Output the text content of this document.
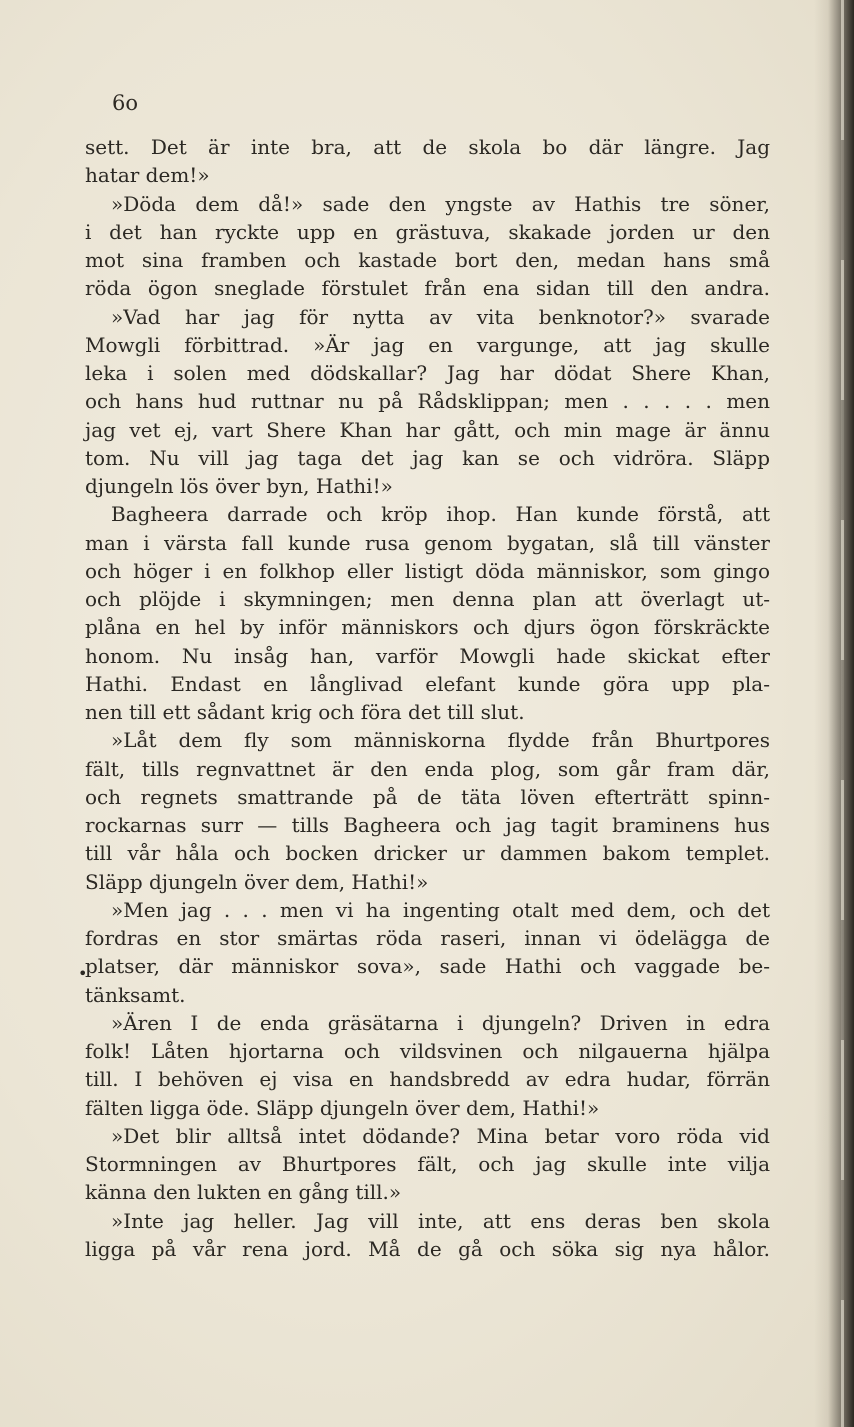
6o
•
sett. Det är inte bra, att de skola bo där längre. Jag
hatar dem!»
»Döda dem då!» sade den yngste av Hathis tre söner,
i det han ryckte upp en grästuva, skakade jorden ur den
mot sina framben och kastade bort den, medan hans små
röda ögon sneglade förstulet från ena sidan till den andra.
»Vad har jag för nytta av vita benknotor?» svarade
Mowgli förbittrad. »Är jag en vargunge, att jag skulle
leka i solen med dödskallar? Jag har dödat Shere Khan,
och hans hud ruttnar nu på Rådsklippan; men . . . . . men
jag vet ej, vart Shere Khan har gått, och min mage är ännu
tom. Nu vill jag taga det jag kan se och vidröra. Släpp
djungeln lös över byn, Hathi!»
Bagheera darrade och kröp ihop. Han kunde förstå, att
man i värsta fall kunde rusa genom bygatan, slå till vänster
och höger i en folkhop eller listigt döda människor, som gingo
och plöjde i skymningen; men denna plan att överlagt ut-
plåna en hel by inför människors och djurs ögon förskräckte
honom. Nu insåg han, varför Mowgli hade skickat efter
Hathi. Endast en långlivad elefant kunde göra upp pla-
nen till ett sådant krig och föra det till slut.
»Låt dem fly som människorna flydde från Bhurtpores
fält, tills regnvattnet är den enda plog, som går fram där,
och regnets smattrande på de täta löven efterträtt spinn-
rockarnas surr — tills Bagheera och jag tagit braminens hus
till vår håla och bocken dricker ur dammen bakom templet.
Släpp djungeln över dem, Hathi!»
»Men jag . . . men vi ha ingenting otalt med dem, och det
fordras en stor smärtas röda raseri, innan vi ödelägga de
platser, där människor sova», sade Hathi och vaggade be-
tänksamt.
»Ären I de enda gräsätarna i djungeln? Driven in edra
folk! Låten hjortarna och vildsvinen och nilgauerna hjälpa
till. I behöven ej visa en handsbredd av edra hudar, förrän
fälten ligga öde. Släpp djungeln över dem, Hathi!»
»Det blir alltså intet dödande? Mina betar voro röda vid
Stormningen av Bhurtpores fält, och jag skulle inte vilja
känna den lukten en gång till.»
»Inte jag heller. Jag vill inte, att ens deras ben skola
ligga på vår rena jord. Må de gå och söka sig nya hålor.
